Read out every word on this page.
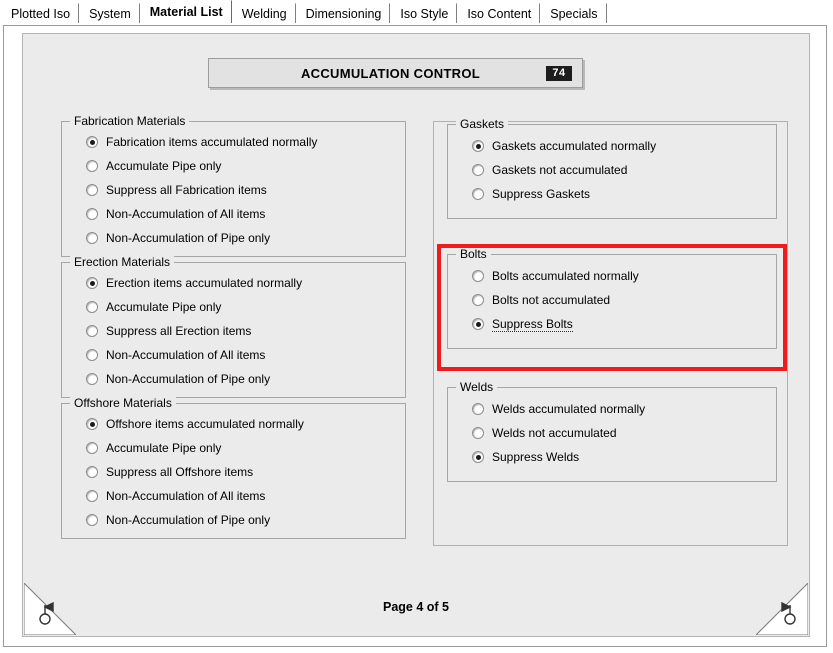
Plotted Iso	System	Material List	Welding	Dimensioning	Iso Style	Iso Content	Specials
ACCUMULATION CONTROL	74
Fabrication Materials
Fabrication items accumulated normally
Accumulate Pipe only
Suppress all Fabrication items
Non-Accumulation of All items
Non-Accumulation of Pipe only
Erection Materials
Erection items accumulated normally
Accumulate Pipe only
Suppress all Erection items
Non-Accumulation of All items
Non-Accumulation of Pipe only
Offshore Materials
Offshore items accumulated normally
Accumulate Pipe only
Suppress all Offshore items
Non-Accumulation of All items
Non-Accumulation of Pipe only
Gaskets
Gaskets accumulated normally
Gaskets not accumulated
Suppress Gaskets
Bolts
Bolts accumulated normally
Bolts not accumulated
Suppress Bolts
Welds
Welds accumulated normally
Welds not accumulated
Suppress Welds
Page 4 of 5
